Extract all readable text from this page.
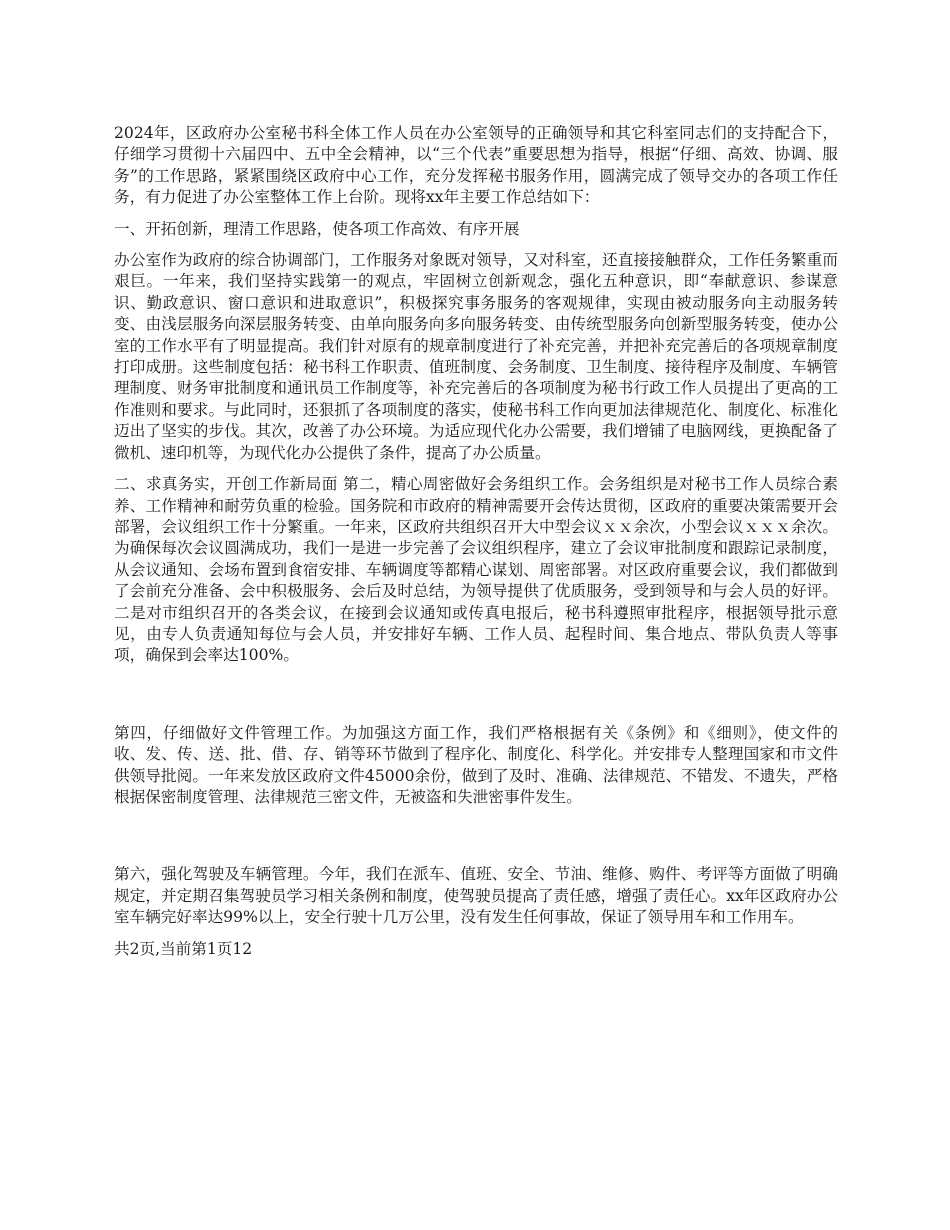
2024年，区政府办公室秘书科全体工作人员在办公室领导的正确领导和其它科室同志们的支持配合下，仔细学习贯彻十六届四中、五中全会精神，以“三个代表”重要思想为指导，根据“仔细、高效、协调、服务”的工作思路，紧紧围绕区政府中心工作，充分发挥秘书服务作用，圆满完成了领导交办的各项工作任务，有力促进了办公室整体工作上台阶。现将xx年主要工作总结如下：

一、开拓创新，理清工作思路，使各项工作高效、有序开展

办公室作为政府的综合协调部门，工作服务对象既对领导，又对科室，还直接接触群众，工作任务繁重而艰巨。一年来，我们坚持实践第一的观点，牢固树立创新观念，强化五种意识，即“奉献意识、参谋意识、勤政意识、窗口意识和进取意识”，积极探究事务服务的客观规律，实现由被动服务向主动服务转变、由浅层服务向深层服务转变、由单向服务向多向服务转变、由传统型服务向创新型服务转变，使办公室的工作水平有了明显提高。我们针对原有的规章制度进行了补充完善，并把补充完善后的各项规章制度打印成册。这些制度包括：秘书科工作职责、值班制度、会务制度、卫生制度、接待程序及制度、车辆管理制度、财务审批制度和通讯员工作制度等，补充完善后的各项制度为秘书行政工作人员提出了更高的工作准则和要求。与此同时，还狠抓了各项制度的落实，使秘书科工作向更加法律规范化、制度化、标准化迈出了坚实的步伐。其次，改善了办公环境。为适应现代化办公需要，我们增铺了电脑网线，更换配备了微机、速印机等，为现代化办公提供了条件，提高了办公质量。

二、求真务实，开创工作新局面 第二，精心周密做好会务组织工作。会务组织是对秘书工作人员综合素养、工作精神和耐劳负重的检验。国务院和市政府的精神需要开会传达贯彻，区政府的重要决策需要开会部署，会议组织工作十分繁重。一年来，区政府共组织召开大中型会议ｘｘ余次，小型会议ｘｘｘ余次。为确保每次会议圆满成功，我们一是进一步完善了会议组织程序，建立了会议审批制度和跟踪记录制度，从会议通知、会场布置到食宿安排、车辆调度等都精心谋划、周密部署。对区政府重要会议，我们都做到了会前充分准备、会中积极服务、会后及时总结，为领导提供了优质服务，受到领导和与会人员的好评。二是对市组织召开的各类会议，在接到会议通知或传真电报后，秘书科遵照审批程序，根据领导批示意见，由专人负责通知每位与会人员，并安排好车辆、工作人员、起程时间、集合地点、带队负责人等事项，确保到会率达100%。

第四，仔细做好文件管理工作。为加强这方面工作，我们严格根据有关《条例》和《细则》，使文件的收、发、传、送、批、借、存、销等环节做到了程序化、制度化、科学化。并安排专人整理国家和市文件供领导批阅。一年来发放区政府文件45000余份，做到了及时、准确、法律规范、不错发、不遗失，严格根据保密制度管理、法律规范三密文件，无被盗和失泄密事件发生。

第六，强化驾驶及车辆管理。今年，我们在派车、值班、安全、节油、维修、购件、考评等方面做了明确规定，并定期召集驾驶员学习相关条例和制度，使驾驶员提高了责任感，增强了责任心。xx年区政府办公室车辆完好率达99%以上，安全行驶十几万公里，没有发生任何事故，保证了领导用车和工作用车。

共2页,当前第1页12
